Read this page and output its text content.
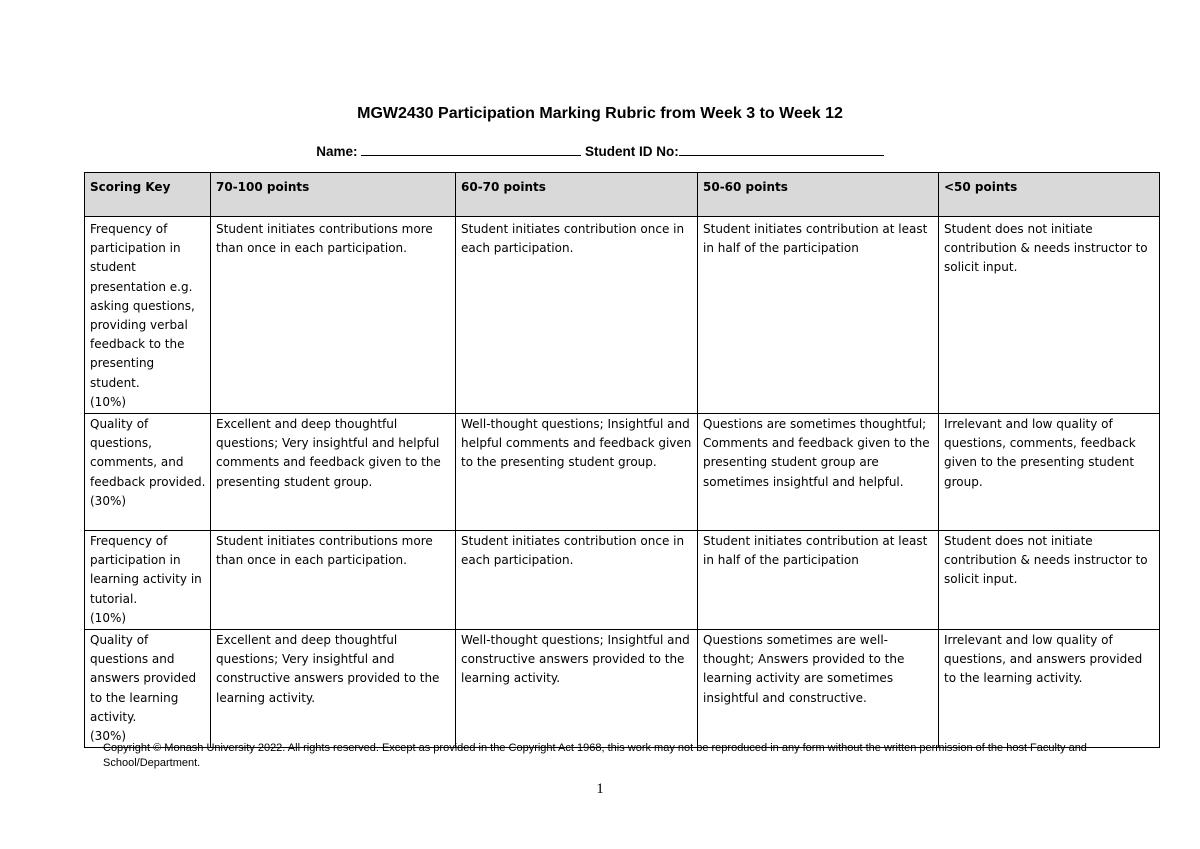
MGW2430 Participation Marking Rubric from Week 3 to Week 12
Name:	Student ID No:
Scoring Key	70-100 points	60-70 points	50-60 points	<50 points

Frequency of participation in student presentation e.g. asking questions, providing verbal feedback to the presenting student.
(10%)	Student initiates contributions more than once in each participation.	Student initiates contribution once in each participation.	Student initiates contribution at least in half of the participation	Student does not initiate contribution & needs instructor to solicit input.

Quality of questions, comments, and feedback provided.
(30%)	Excellent and deep thoughtful questions; Very insightful and helpful comments and feedback given to the presenting student group.	Well-thought questions; Insightful and helpful comments and feedback given to the presenting student group.	Questions are sometimes thoughtful; Comments and feedback given to the presenting student group are sometimes insightful and helpful.	Irrelevant and low quality of questions, comments, feedback given to the presenting student group.

Frequency of participation in learning activity in tutorial.
(10%)	Student initiates contributions more than once in each participation.	Student initiates contribution once in each participation.	Student initiates contribution at least in half of the participation	Student does not initiate contribution & needs instructor to solicit input.

Quality of questions and answers provided to the learning activity.
(30%)	Excellent and deep thoughtful questions; Very insightful and constructive answers provided to the learning activity.	Well-thought questions; Insightful and constructive answers provided to the learning activity.	Questions sometimes are well-thought; Answers provided to the learning activity are sometimes insightful and constructive.	Irrelevant and low quality of questions, and answers provided to the learning activity.
Copyright © Monash University 2022. All rights reserved. Except as provided in the Copyright Act 1968, this work may not be reproduced in any form without the written permission of the host Faculty and School/Department.
1
